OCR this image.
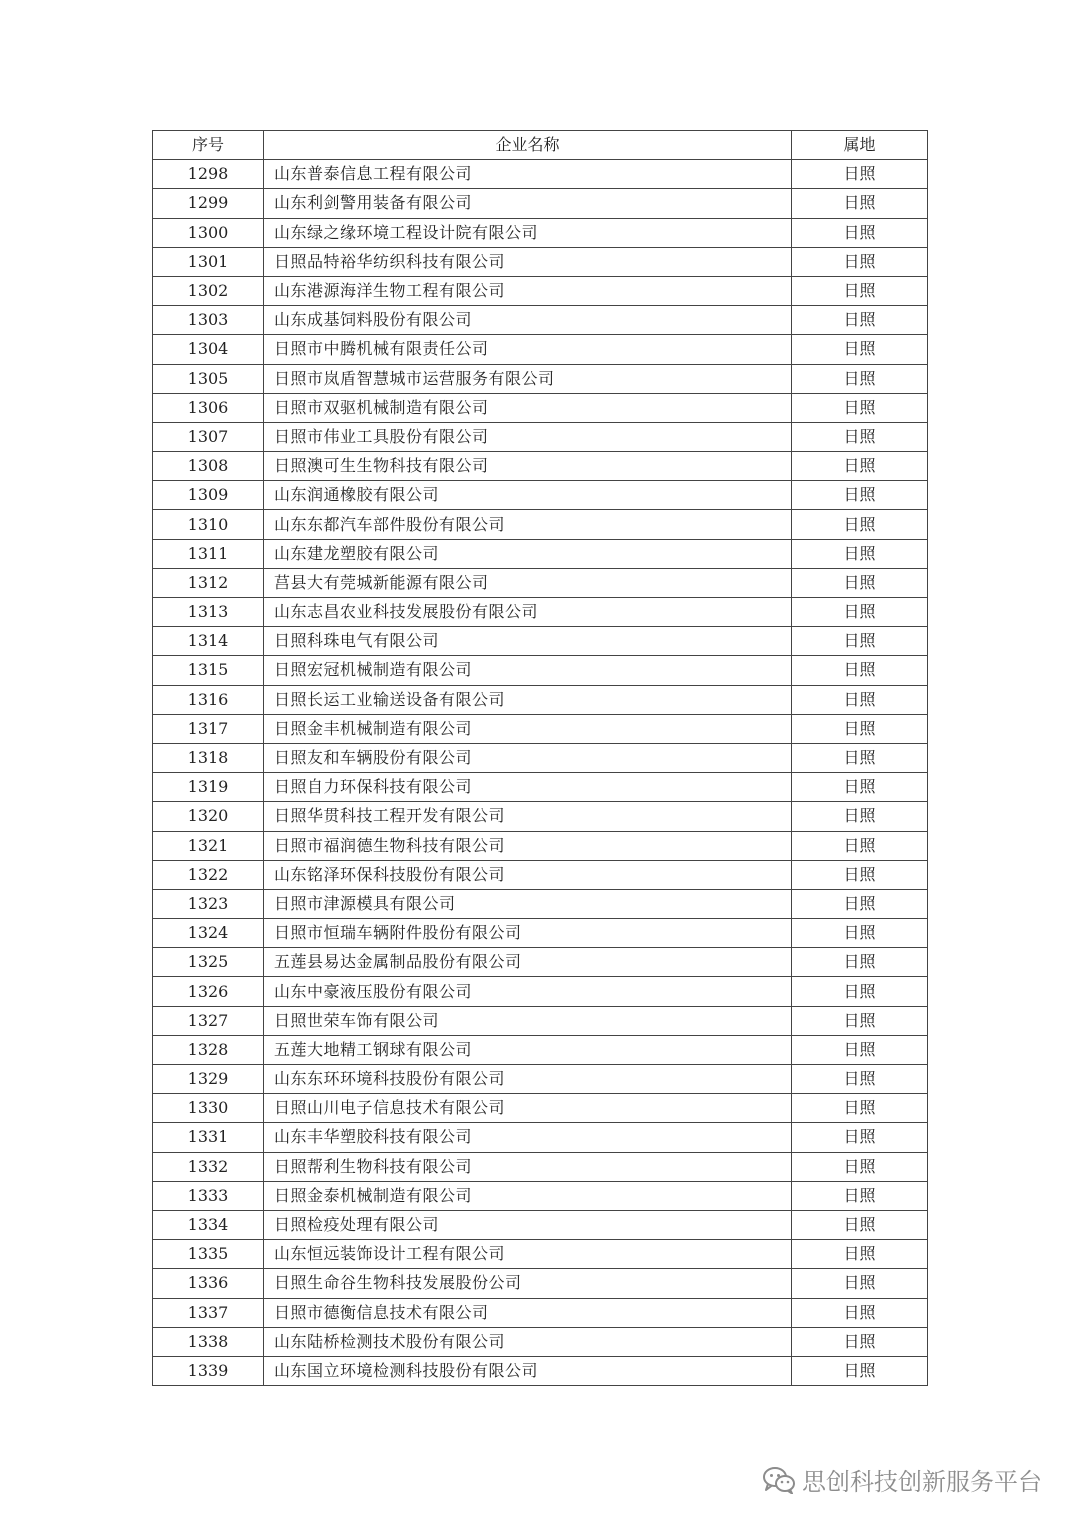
序号	企业名称	属地
1298	山东普泰信息工程有限公司	日照
1299	山东利剑警用装备有限公司	日照
1300	山东绿之缘环境工程设计院有限公司	日照
1301	日照品特裕华纺织科技有限公司	日照
1302	山东港源海洋生物工程有限公司	日照
1303	山东成基饲料股份有限公司	日照
1304	日照市中腾机械有限责任公司	日照
1305	日照市岚盾智慧城市运营服务有限公司	日照
1306	日照市双驱机械制造有限公司	日照
1307	日照市伟业工具股份有限公司	日照
1308	日照澳可生生物科技有限公司	日照
1309	山东润通橡胶有限公司	日照
1310	山东东都汽车部件股份有限公司	日照
1311	山东建龙塑胶有限公司	日照
1312	莒县大有莞城新能源有限公司	日照
1313	山东志昌农业科技发展股份有限公司	日照
1314	日照科珠电气有限公司	日照
1315	日照宏冠机械制造有限公司	日照
1316	日照长运工业输送设备有限公司	日照
1317	日照金丰机械制造有限公司	日照
1318	日照友和车辆股份有限公司	日照
1319	日照自力环保科技有限公司	日照
1320	日照华贯科技工程开发有限公司	日照
1321	日照市福润德生物科技有限公司	日照
1322	山东铭泽环保科技股份有限公司	日照
1323	日照市津源模具有限公司	日照
1324	日照市恒瑞车辆附件股份有限公司	日照
1325	五莲县易达金属制品股份有限公司	日照
1326	山东中豪液压股份有限公司	日照
1327	日照世荣车饰有限公司	日照
1328	五莲大地精工钢球有限公司	日照
1329	山东东环环境科技股份有限公司	日照
1330	日照山川电子信息技术有限公司	日照
1331	山东丰华塑胶科技有限公司	日照
1332	日照帮利生物科技有限公司	日照
1333	日照金泰机械制造有限公司	日照
1334	日照检疫处理有限公司	日照
1335	山东恒远装饰设计工程有限公司	日照
1336	日照生命谷生物科技发展股份公司	日照
1337	日照市德衡信息技术有限公司	日照
1338	山东陆桥检测技术股份有限公司	日照
1339	山东国立环境检测科技股份有限公司	日照
思创科技创新服务平台
